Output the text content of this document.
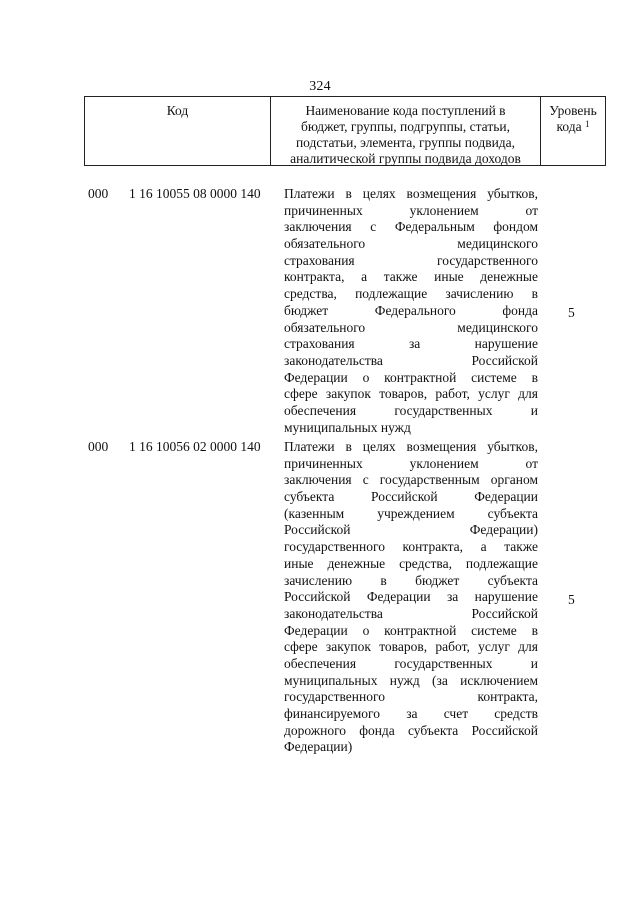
324
Код	Наименование кода поступлений в
бюджет, группы, подгруппы, статьи,
подстатьи, элемента, группы подвида,
аналитической группы подвида доходов
Уровень
кода $^1$
000 1 16 10055 08 0000 140 Платежи в целях возмещения убытков,
причиненных уклонением от
заключения с Федеральным фондом
обязательного медицинского
страхования государственного
контракта, а также иные денежные
средства, подлежащие зачислению в
бюджет Федерального фонда
обязательного медицинского
страхования за нарушение
законодательства Российской
Федерации о контрактной системе в
сфере закупок товаров, работ, услуг для
обеспечения государственных и
муниципальных нужд
5
000 1 16 10056 02 0000 140 Платежи в целях возмещения убытков,
причиненных уклонением от
заключения с государственным органом
субъекта Российской Федерации
(казенным учреждением субъекта
Российской Федерации)
государственного контракта, а также
иные денежные средства, подлежащие
зачислению в бюджет субъекта
Российской Федерации за нарушение
законодательства Российской
Федерации о контрактной системе в
сфере закупок товаров, работ, услуг для
обеспечения государственных и
муниципальных нужд (за исключением
государственного контракта,
финансируемого за счет средств
дорожного фонда субъекта Российской
Федерации)
5
